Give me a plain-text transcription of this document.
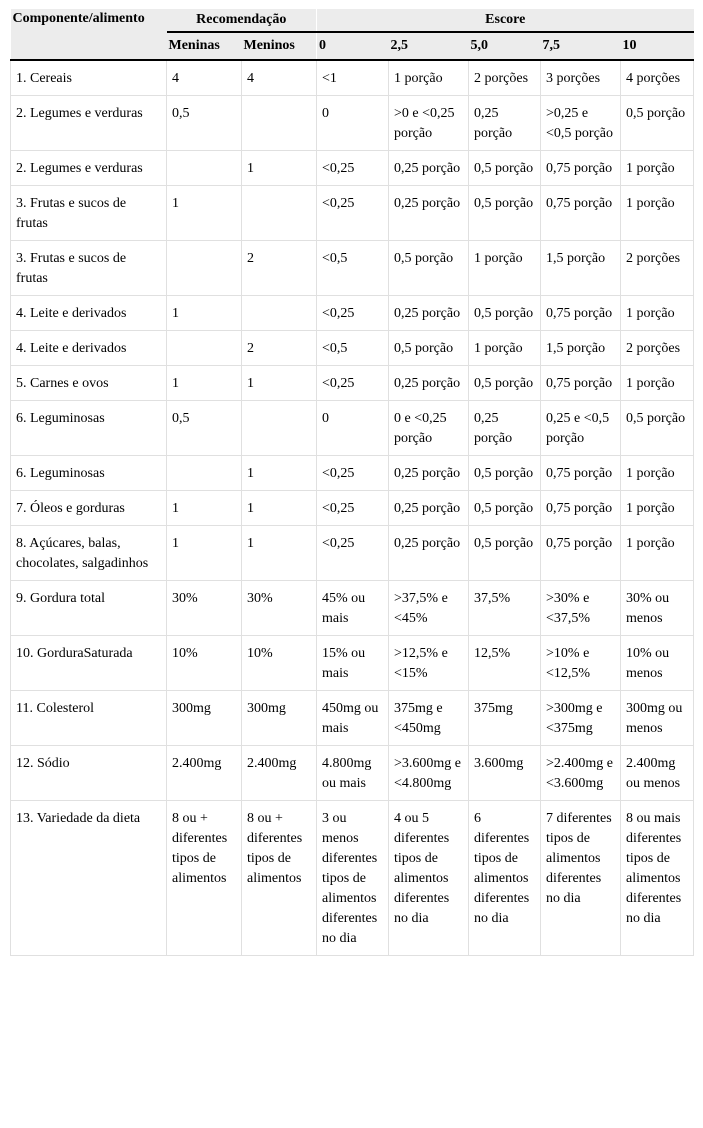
Componente/alimento	Recomendação		Escore				
	Meninas	Meninos	0	2,5	5,0	7,5	10
1. Cereais	4	4	<1	1 porção	2 porções	3 porções	4 porções
2. Legumes e verduras	0,5		0	>0 e <0,25 porção	0,25 porção	>0,25 e <0,5 porção	0,5 porção
2. Legumes e verduras		1	<0,25	0,25 porção	0,5 porção	0,75 porção	1 porção
3. Frutas e sucos de frutas	1		<0,25	0,25 porção	0,5 porção	0,75 porção	1 porção
3. Frutas e sucos de frutas		2	<0,5	0,5 porção	1 porção	1,5 porção	2 porções
4. Leite e derivados	1		<0,25	0,25 porção	0,5 porção	0,75 porção	1 porção
4. Leite e derivados		2	<0,5	0,5 porção	1 porção	1,5 porção	2 porções
5. Carnes e ovos	1	1	<0,25	0,25 porção	0,5 porção	0,75 porção	1 porção
6. Leguminosas	0,5		0	0 e <0,25 porção	0,25 porção	0,25 e <0,5 porção	0,5 porção
6. Leguminosas		1	<0,25	0,25 porção	0,5 porção	0,75 porção	1 porção
7. Óleos e gorduras	1	1	<0,25	0,25 porção	0,5 porção	0,75 porção	1 porção
8. Açúcares, balas, chocolates, salgadinhos	1	1	<0,25	0,25 porção	0,5 porção	0,75 porção	1 porção
9. Gordura total	30%	30%	45% ou mais	>37,5% e <45%	37,5%	>30% e <37,5%	30% ou menos
10. GorduraSaturada	10%	10%	15% ou mais	>12,5% e <15%	12,5%	>10% e <12,5%	10% ou menos
11. Colesterol	300mg	300mg	450mg ou mais	375mg e <450mg	375mg	>300mg e <375mg	300mg ou menos
12. Sódio	2.400mg	2.400mg	4.800mg ou mais	>3.600mg e <4.800mg	3.600mg	>2.400mg e <3.600mg	2.400mg ou menos
13. Variedade da dieta	8 ou + diferentes tipos de alimentos	8 ou + diferentes tipos de alimentos	3 ou menos diferentes tipos de alimentos diferentes no dia	4 ou 5 diferentes tipos de alimentos diferentes no dia	6 diferentes tipos de alimentos diferentes no dia	7 diferentes tipos de alimentos diferentes no dia	8 ou mais diferentes tipos de alimentos diferentes no dia
